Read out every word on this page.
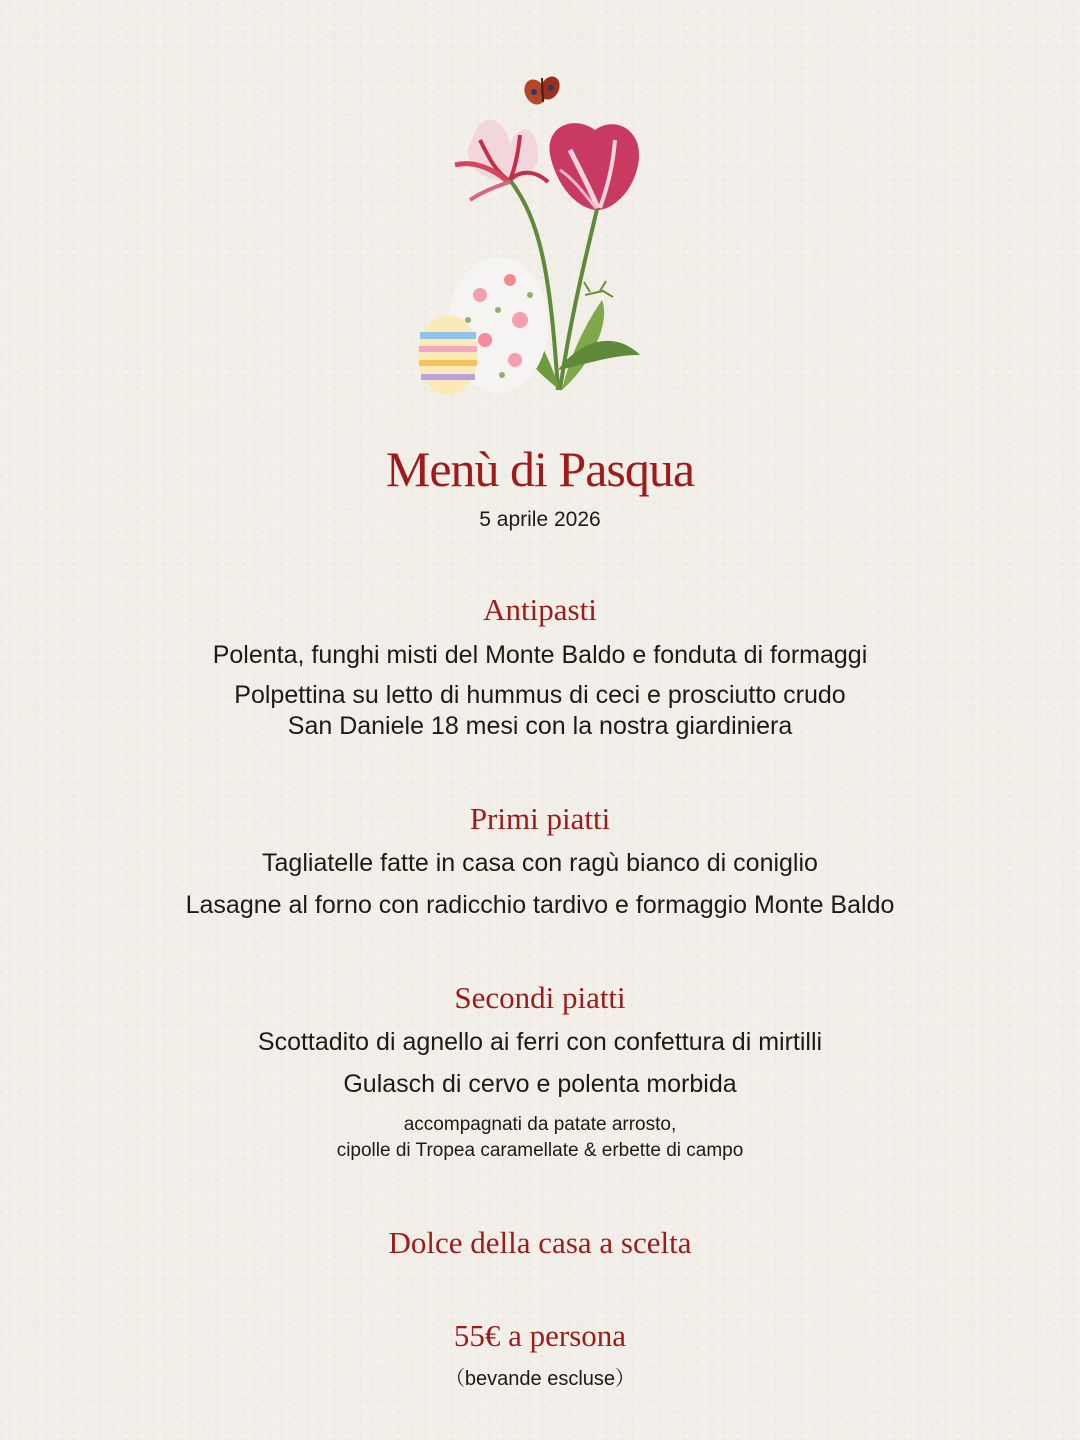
Menù di Pasqua
5 aprile 2026
Antipasti
Polenta, funghi misti del Monte Baldo e fonduta di formaggi
Polpettina su letto di hummus di ceci e prosciutto crudo
San Daniele 18 mesi con la nostra giardiniera
Primi piatti
Tagliatelle fatte in casa con ragù bianco di coniglio
Lasagne al forno con radicchio tardivo e formaggio Monte Baldo
Secondi piatti
Scottadito di agnello ai ferri con confettura di mirtilli
Gulasch di cervo e polenta morbida
accompagnati da patate arrosto,
cipolle di Tropea caramellate & erbette di campo
Dolce della casa a scelta
55€ a persona
（bevande escluse）
